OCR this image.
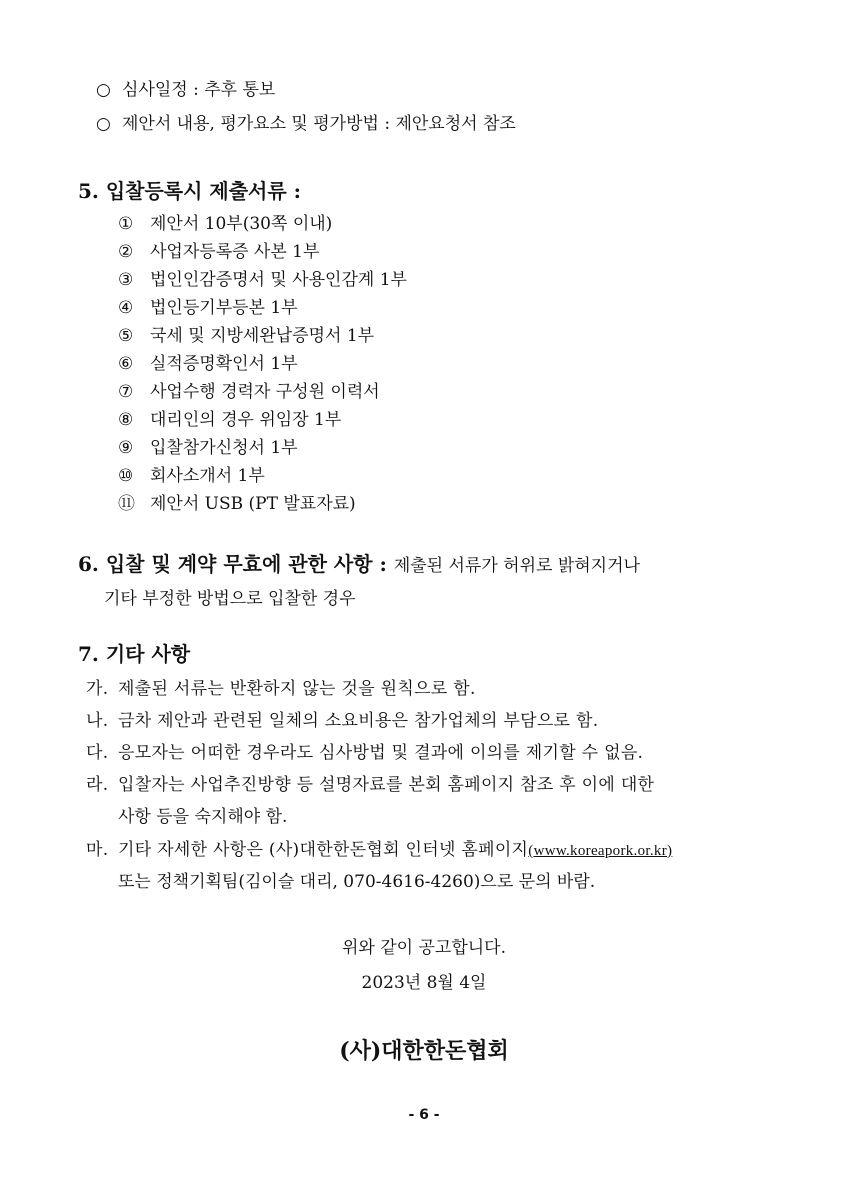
○ 심사일정 : 추후 통보
○ 제안서 내용, 평가요소 및 평가방법 : 제안요청서 참조
5. 입찰등록시 제출서류 :
① 제안서 10부(30쪽 이내)
② 사업자등록증 사본 1부
③ 법인인감증명서 및 사용인감계 1부
④ 법인등기부등본 1부
⑤ 국세 및 지방세완납증명서 1부
⑥ 실적증명확인서 1부
⑦ 사업수행 경력자 구성원 이력서
⑧ 대리인의 경우 위임장 1부
⑨ 입찰참가신청서 1부
⑩ 회사소개서 1부
⑪ 제안서 USB (PT 발표자료)
6. 입찰 및 계약 무효에 관한 사항 : 제출된 서류가 허위로 밝혀지거나
기타 부정한 방법으로 입찰한 경우
7. 기타 사항
가. 제출된 서류는 반환하지 않는 것을 원칙으로 함.
나. 금차 제안과 관련된 일체의 소요비용은 참가업체의 부담으로 함.
다. 응모자는 어떠한 경우라도 심사방법 및 결과에 이의를 제기할 수 없음.
라. 입찰자는 사업추진방향 등 설명자료를 본회 홈페이지 참조 후 이에 대한
사항 등을 숙지해야 함.
마. 기타 자세한 사항은 (사)대한한돈협회 인터넷 홈페이지(www.koreapork.or.kr)
또는 정책기획팀(김이슬 대리, 070-4616-4260)으로 문의 바람.
위와 같이 공고합니다.
2023년 8월 4일
(사)대한한돈협회
- 6 -
